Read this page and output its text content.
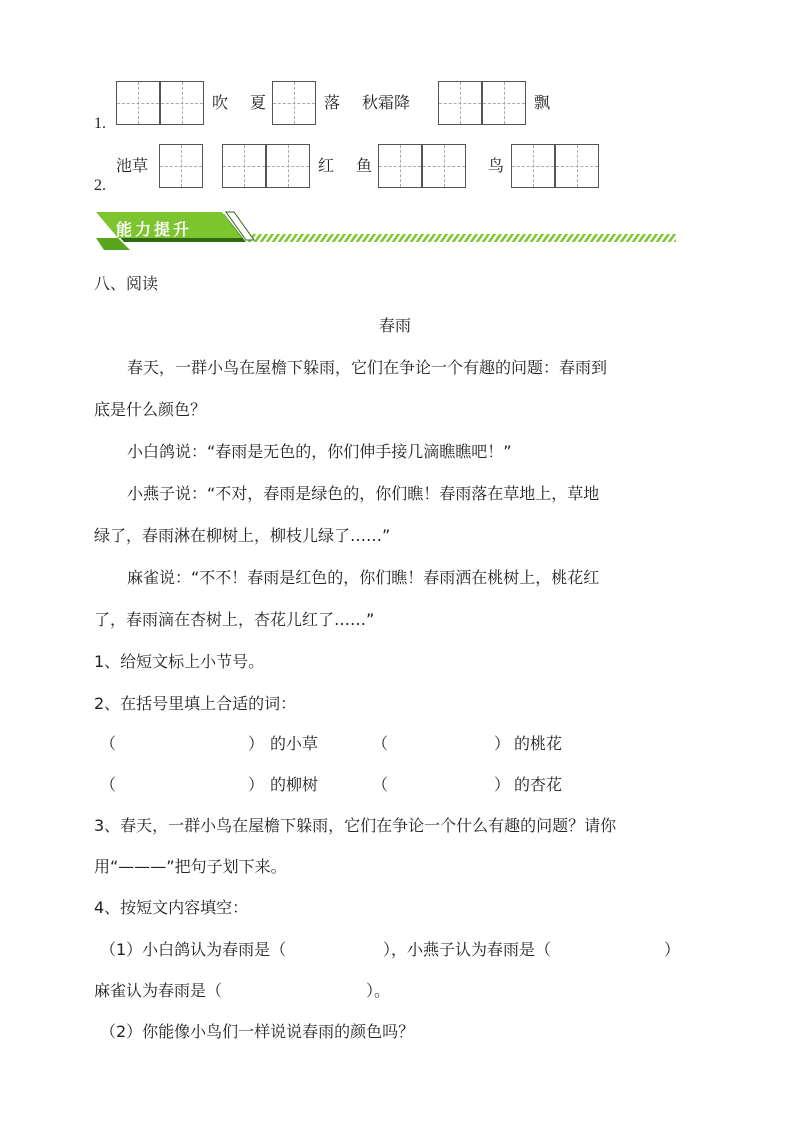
1.
吹 夏	落 秋霜降	飘
2.
池草	红 鱼	鸟
能力提升
八、阅读
春雨
春天，一群小鸟在屋檐下躲雨，它们在争论一个有趣的问题：春雨到
底是什么颜色？
小白鸽说：“春雨是无色的，你们伸手接几滴瞧瞧吧！”
小燕子说：“不对，春雨是绿色的，你们瞧！春雨落在草地上，草地
绿了，春雨淋在柳树上，柳枝儿绿了……”
麻雀说：“不不！春雨是红色的，你们瞧！春雨洒在桃树上，桃花红
了，春雨滴在杏树上，杏花儿红了……”
1、给短文标上小节号。
2、在括号里填上合适的词：
（	） 的小草	（	） 的桃花
（	） 的柳树	（	） 的杏花
3、春天，一群小鸟在屋檐下躲雨，它们在争论一个什么有趣的问题？请你
用“———”把句子划下来。
4、按短文内容填空：
（1）小白鸽认为春雨是（	），小燕子认为春雨是（	）
麻雀认为春雨是（	）。
（2）你能像小鸟们一样说说春雨的颜色吗？
